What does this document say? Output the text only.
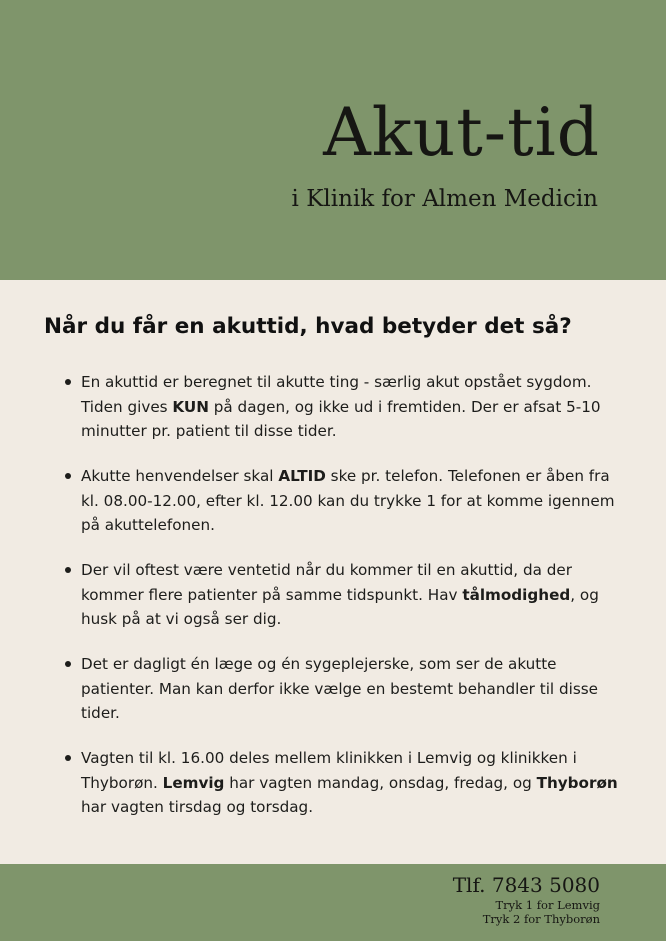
Akut-tid

i Klinik for Almen Medicin

Når du får en akuttid, hvad betyder det så?
En akuttid er beregnet til akutte ting - særlig akut opstået sygdom. Tiden gives KUN på dagen, og ikke ud i fremtiden. Der er afsat 5-10 minutter pr. patient til disse tider.
Akutte henvendelser skal ALTID ske pr. telefon. Telefonen er åben fra kl. 08.00-12.00, efter kl. 12.00 kan du trykke 1 for at komme igennem på akuttelefonen.
Der vil oftest være ventetid når du kommer til en akuttid, da der kommer flere patienter på samme tidspunkt. Hav tålmodighed, og husk på at vi også ser dig.
Det er dagligt én læge og én sygeplejerske, som ser de akutte patienter. Man kan derfor ikke vælge en bestemt behandler til disse tider.
Vagten til kl. 16.00 deles mellem klinikken i Lemvig og klinikken i Thyborøn. Lemvig har vagten mandag, onsdag, fredag, og Thyborøn har vagten tirsdag og torsdag.

Tlf. 7843 5080

Tryk 1 for Lemvig

Tryk 2 for Thyborøn
